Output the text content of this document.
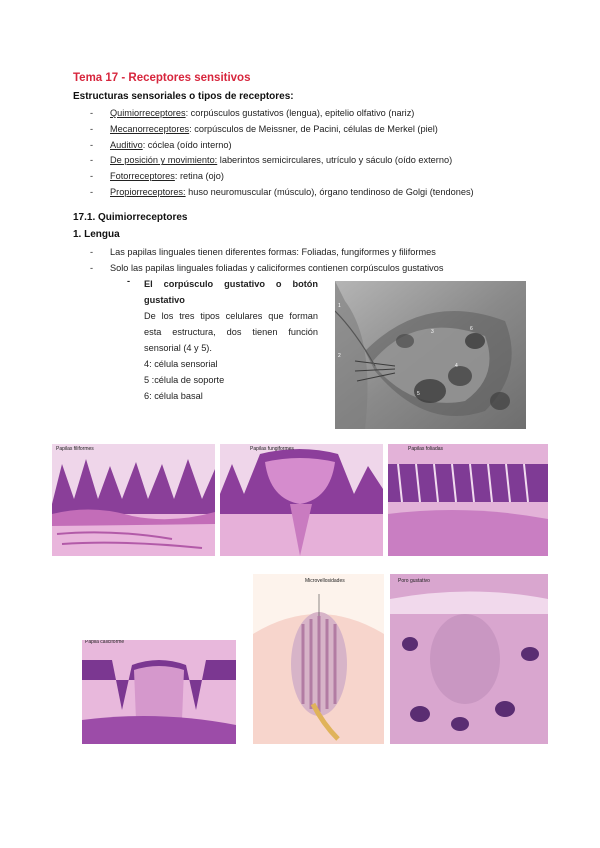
Tema 17 - Receptores sensitivos
Estructuras sensoriales o tipos de receptores:
- Quimiorreceptores: corpúsculos gustativos (lengua), epitelio olfativo (nariz)
- Mecanorreceptores: corpúsculos de Meissner, de Pacini, células de Merkel (piel)
- Auditivo: cóclea (oído interno)
- De posición y movimiento: laberintos semicirculares, utrículo y sáculo (oído externo)
- Fotorreceptores: retina (ojo)
- Propiorreceptores: huso neuromuscular (músculo), órgano tendinoso de Golgi (tendones)
17.1. Quimiorreceptores
1. Lengua
- Las papilas linguales tienen diferentes formas: Foliadas, fungiformes y filiformes
- Solo las papilas linguales foliadas y caliciformes contienen corpúsculos gustativos
- El corpúsculo gustativo o botón
gustativo
De los tres tipos celulares que forman
esta estructura, dos tienen función
sensorial (4 y 5).
4: célula sensorial
5 :célula de soporte
6: célula basal
1
2
3
4
5
6
Papilas filiformes	Papilas fungiformes	Papilas foliadas
Papila caliciforme
Microvellosidades	Poro gustativo
